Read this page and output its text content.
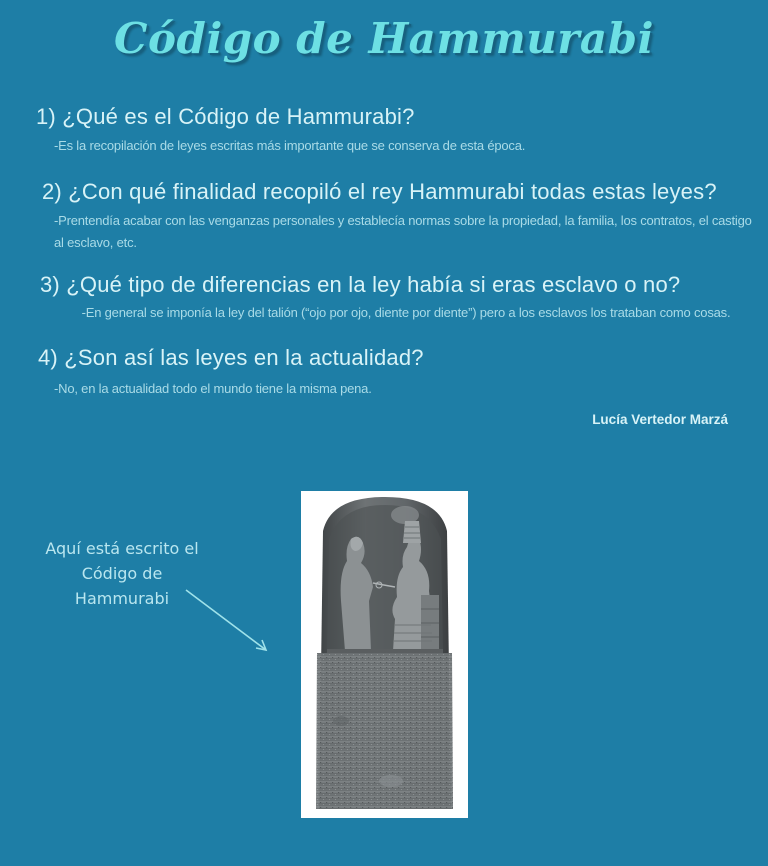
Código de Hammurabi
1) ¿Qué es el Código de Hammurabi?
-Es la recopilación de leyes escritas más importante que se conserva de esta época.
2) ¿Con qué finalidad recopiló el rey Hammurabi todas estas leyes?
-Prentendía acabar con las venganzas personales y establecía normas sobre la propiedad, la familia, los contratos, el castigo al esclavo, etc.
3) ¿Qué tipo de diferencias en la ley había si eras esclavo o no?
-En general se imponía la ley del talión (“ojo por ojo, diente por diente”) pero a los esclavos los trataban como cosas.
4) ¿Son así las leyes en la actualidad?
-No, en la actualidad todo el mundo tiene la misma pena.
Lucía Vertedor Marzá
Aquí está escrito el Código de Hammurabi
